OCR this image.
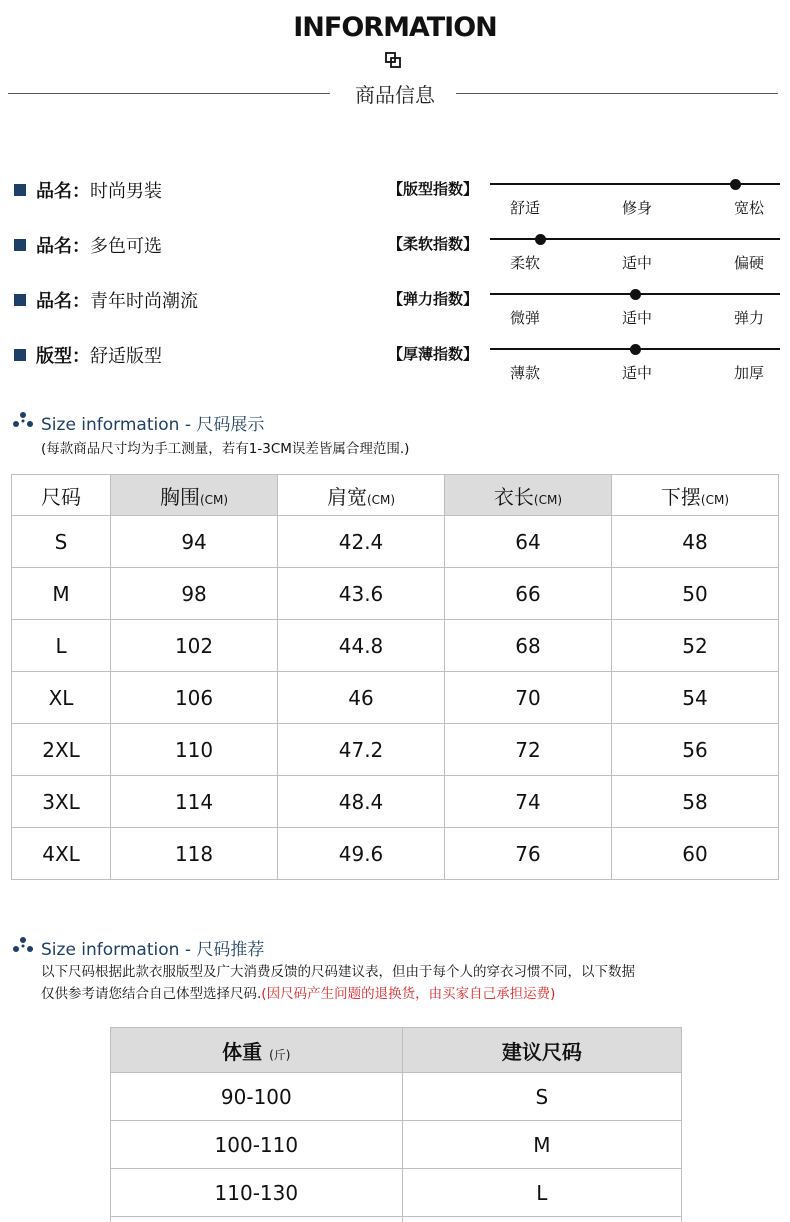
INFORMATION
商品信息
品名： 时尚男装
品名： 多色可选
品名： 青年时尚潮流
版型： 舒适版型
【版型指数】
舒适	修身	宽松
【柔软指数】
柔软	适中	偏硬
【弹力指数】
微弹	适中	弹力
【厚薄指数】
薄款	适中	加厚
Size information - 尺码展示
(每款商品尺寸均为手工测量，若有1-3CM误差皆属合理范围.)
尺码	胸围(CM)	肩宽(CM)	衣长(CM)	下摆(CM)
S	94	42.4	64	48
M	98	43.6	66	50
L	102	44.8	68	52
XL	106	46	70	54
2XL	110	47.2	72	56
3XL	114	48.4	74	58
4XL	118	49.6	76	60
Size information - 尺码推荐
以下尺码根据此款衣服版型及广大消费反馈的尺码建议表，但由于每个人的穿衣习惯不同，以下数据
仅供参考请您结合自己体型选择尺码.(因尺码产生问题的退换货，由买家自己承担运费)
体重 (斤)	建议尺码
90-100	S
100-110	M
110-130	L
